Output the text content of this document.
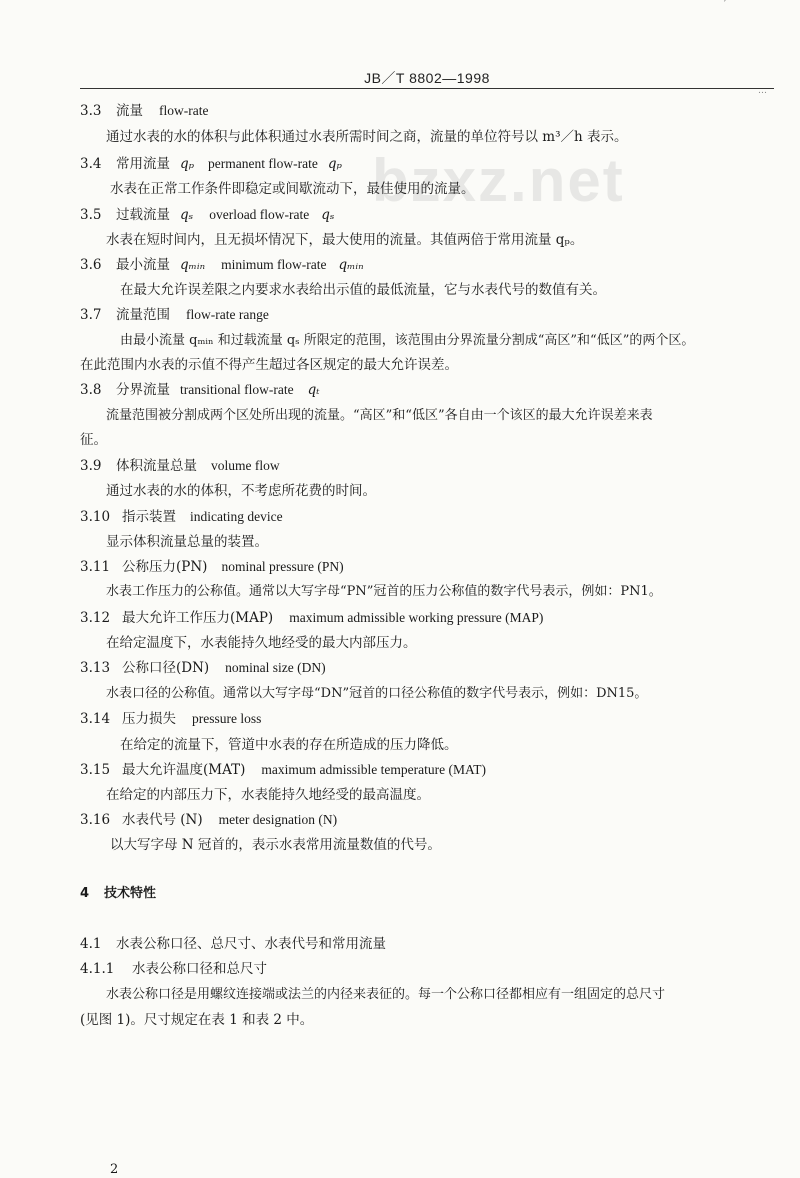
ˊ
JB／T 8802—1998
…
bzxz.net
3.3 流量 flow-rate
通过水表的水的体积与此体积通过水表所需时间之商，流量的单位符号以 m³／h 表示。
3.4 常用流量 qₚ permanent flow-rate qₚ
水表在正常工作条件即稳定或间歇流动下，最佳使用的流量。
3.5 过载流量 qₛ overload flow-rate qₛ
水表在短时间内，且无损坏情况下，最大使用的流量。其值两倍于常用流量 qₚ。
3.6 最小流量 qₘᵢₙ minimum flow-rate qₘᵢₙ
在最大允许误差限之内要求水表给出示值的最低流量，它与水表代号的数值有关。
3.7 流量范围 flow-rate range
由最小流量 qₘᵢₙ 和过载流量 qₛ 所限定的范围，该范围由分界流量分割成“高区”和“低区”的两个区。
在此范围内水表的示值不得产生超过各区规定的最大允许误差。
3.8 分界流量 transitional flow-rate qₜ
流量范围被分割成两个区处所出现的流量。“高区”和“低区”各自由一个该区的最大允许误差来表
征。
3.9 体积流量总量 volume flow
通过水表的水的体积，不考虑所花费的时间。
3.10 指示装置 indicating device
显示体积流量总量的装置。
3.11 公称压力(PN) nominal pressure (PN)
水表工作压力的公称值。通常以大写字母“PN”冠首的压力公称值的数字代号表示，例如：PN1。
3.12 最大允许工作压力(MAP) maximum admissible working pressure (MAP)
在给定温度下，水表能持久地经受的最大内部压力。
3.13 公称口径(DN) nominal size (DN)
水表口径的公称值。通常以大写字母“DN”冠首的口径公称值的数字代号表示，例如：DN15。
3.14 压力损失 pressure loss
在给定的流量下，管道中水表的存在所造成的压力降低。
3.15 最大允许温度(MAT) maximum admissible temperature (MAT)
在给定的内部压力下，水表能持久地经受的最高温度。
3.16 水表代号 (N) meter designation (N)
以大写字母 N 冠首的，表示水表常用流量数值的代号。
4 技术特性
4.1 水表公称口径、总尺寸、水表代号和常用流量
4.1.1 水表公称口径和总尺寸
水表公称口径是用螺纹连接端或法兰的内径来表征的。每一个公称口径都相应有一组固定的总尺寸
(见图 1)。尺寸规定在表 1 和表 2 中。
2
